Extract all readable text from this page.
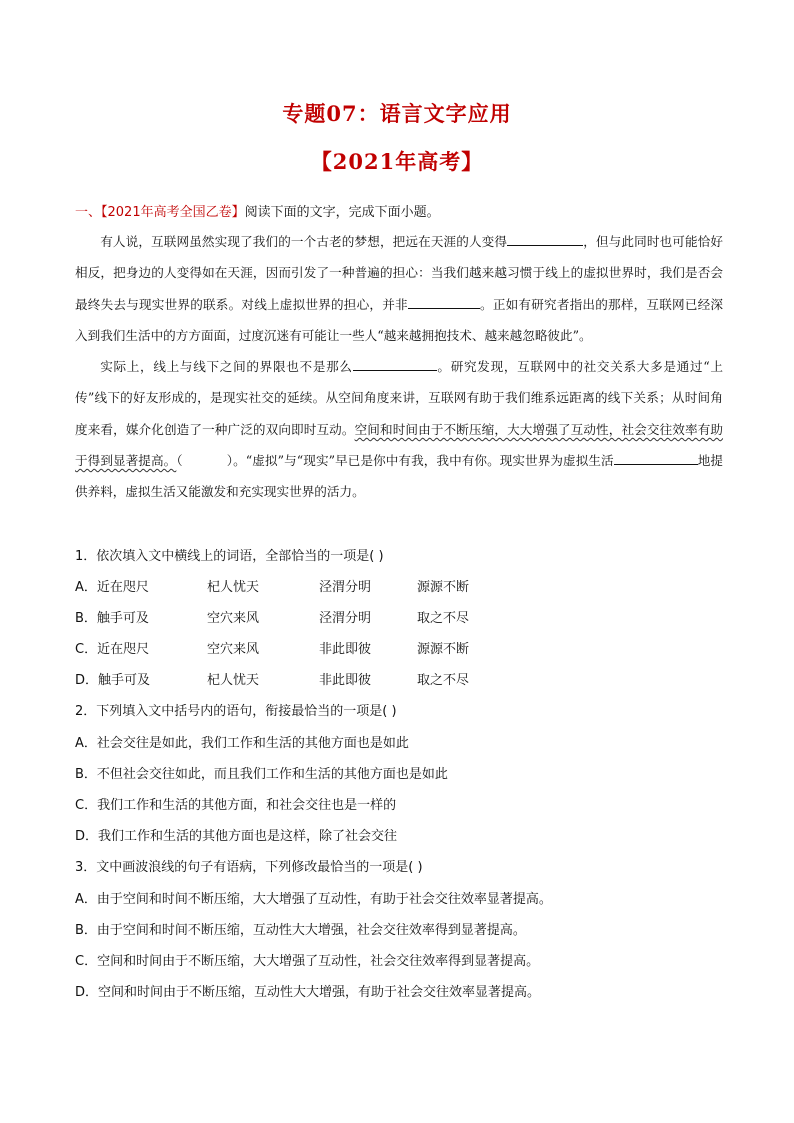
专题07：语言文字应用
【2021年高考】
一、【2021年高考全国乙卷】阅读下面的文字，完成下面小题。

有人说，互联网虽然实现了我们的一个古老的梦想，把远在天涯的人变得	，但与此同时也可能恰好相反，把身边的人变得如在天涯，因而引发了一种普遍的担心：当我们越来越习惯于线上的虚拟世界时，我们是否会最终失去与现实世界的联系。对线上虚拟世界的担心，并非	。正如有研究者指出的那样，互联网已经深入到我们生活中的方方面面，过度沉迷有可能让一些人“越来越拥抱技术、越来越忽略彼此”。

实际上，线上与线下之间的界限也不是那么	。研究发现，互联网中的社交关系大多是通过“上传”线下的好友形成的，是现实社交的延续。从空间角度来讲，互联网有助于我们维系远距离的线下关系；从时间角度来看，媒介化创造了一种广泛的双向即时互动。空间和时间由于不断压缩，大大增强了互动性，社会交往效率有助于得到显著提高。（	）。“虚拟”与“现实”早已是你中有我，我中有你。现实世界为虚拟生活	地提供养料，虚拟生活又能激发和充实现实世界的活力。

1．依次填入文中横线上的词语，全部恰当的一项是( )
A．近在咫尺	杞人忧天	泾渭分明	源源不断
B．触手可及	空穴来风	泾渭分明	取之不尽
C．近在咫尺	空穴来风	非此即彼	源源不断
D．触手可及	杞人忧天	非此即彼	取之不尽
2．下列填入文中括号内的语句，衔接最恰当的一项是( )
A．社会交往是如此，我们工作和生活的其他方面也是如此
B．不但社会交往如此，而且我们工作和生活的其他方面也是如此
C．我们工作和生活的其他方面，和社会交往也是一样的
D．我们工作和生活的其他方面也是这样，除了社会交往
3．文中画波浪线的句子有语病，下列修改最恰当的一项是( )
A．由于空间和时间不断压缩，大大增强了互动性，有助于社会交往效率显著提高。
B．由于空间和时间不断压缩，互动性大大增强，社会交往效率得到显著提高。
C．空间和时间由于不断压缩，大大增强了互动性，社会交往效率得到显著提高。
D．空间和时间由于不断压缩，互动性大大增强，有助于社会交往效率显著提高。
